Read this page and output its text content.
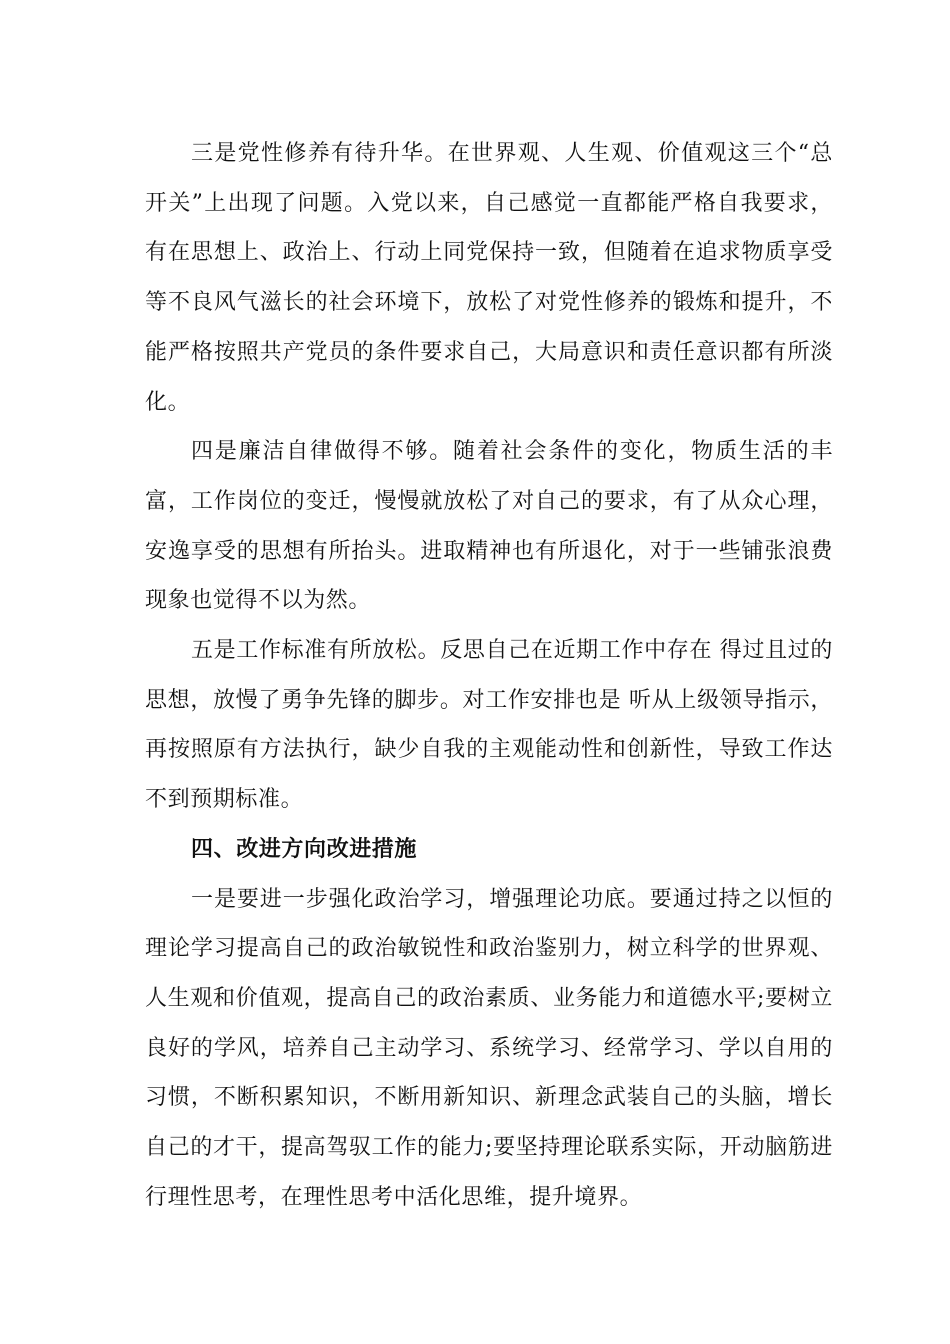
三是党性修养有待升华。在世界观、人生观、价值观这三个“总开关”上出现了问题。入党以来，自己感觉一直都能严格自我要求，有在思想上、政治上、行动上同党保持一致，但随着在追求物质享受等不良风气滋长的社会环境下，放松了对党性修养的锻炼和提升，不能严格按照共产党员的条件要求自己，大局意识和责任意识都有所淡化。

四是廉洁自律做得不够。随着社会条件的变化，物质生活的丰富，工作岗位的变迁，慢慢就放松了对自己的要求，有了从众心理，安逸享受的思想有所抬头。进取精神也有所退化，对于一些铺张浪费现象也觉得不以为然。

五是工作标准有所放松。反思自己在近期工作中存在 得过且过的思想，放慢了勇争先锋的脚步。对工作安排也是 听从上级领导指示，再按照原有方法执行，缺少自我的主观能动性和创新性，导致工作达不到预期标准。

四、改进方向改进措施

一是要进一步强化政治学习，增强理论功底。要通过持之以恒的理论学习提高自己的政治敏锐性和政治鉴别力，树立科学的世界观、人生观和价值观，提高自己的政治素质、业务能力和道德水平;要树立良好的学风，培养自己主动学习、系统学习、经常学习、学以自用的习惯，不断积累知识，不断用新知识、新理念武装自己的头脑，增长自己的才干，提高驾驭工作的能力;要坚持理论联系实际，开动脑筋进行理性思考，在理性思考中活化思维，提升境界。
